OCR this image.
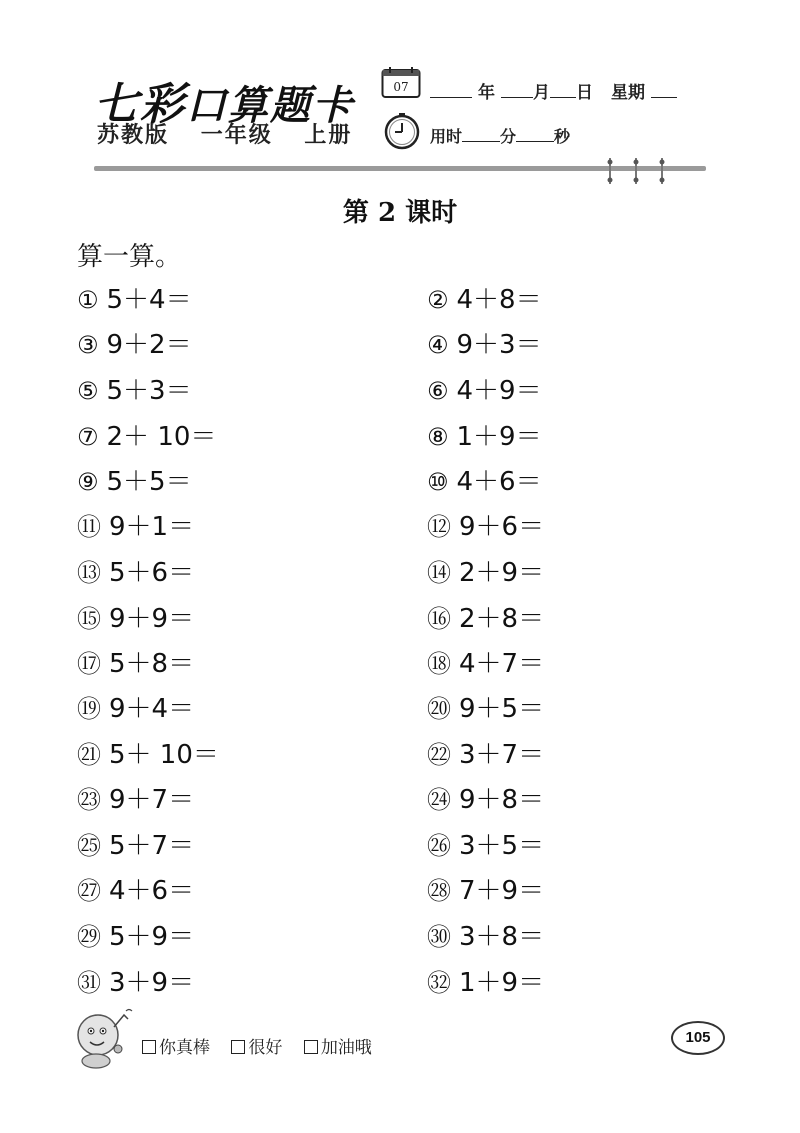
七彩口算题卡
苏教版 一年级 上册
07	年 月 日 星期
用时 分 秒
第 2 课时
算一算。
① 5＋4＝	② 4＋8＝
③ 9＋2＝	④ 9＋3＝
⑤ 5＋3＝	⑥ 4＋9＝
⑦ 2＋ 10＝	⑧ 1＋9＝
⑨ 5＋5＝	⑩ 4＋6＝
⑪ 9＋1＝	⑫ 9＋6＝
⑬ 5＋6＝	⑭ 2＋9＝
⑮ 9＋9＝	⑯ 2＋8＝
⑰ 5＋8＝	⑱ 4＋7＝
⑲ 9＋4＝	⑳ 9＋5＝
㉑ 5＋ 10＝	㉒ 3＋7＝
㉓ 9＋7＝	㉔ 9＋8＝
㉕ 5＋7＝	㉖ 3＋5＝
㉗ 4＋6＝	㉘ 7＋9＝
㉙ 5＋9＝	㉚ 3＋8＝
㉛ 3＋9＝	㉜ 1＋9＝
你真棒 很好 加油哦
105
